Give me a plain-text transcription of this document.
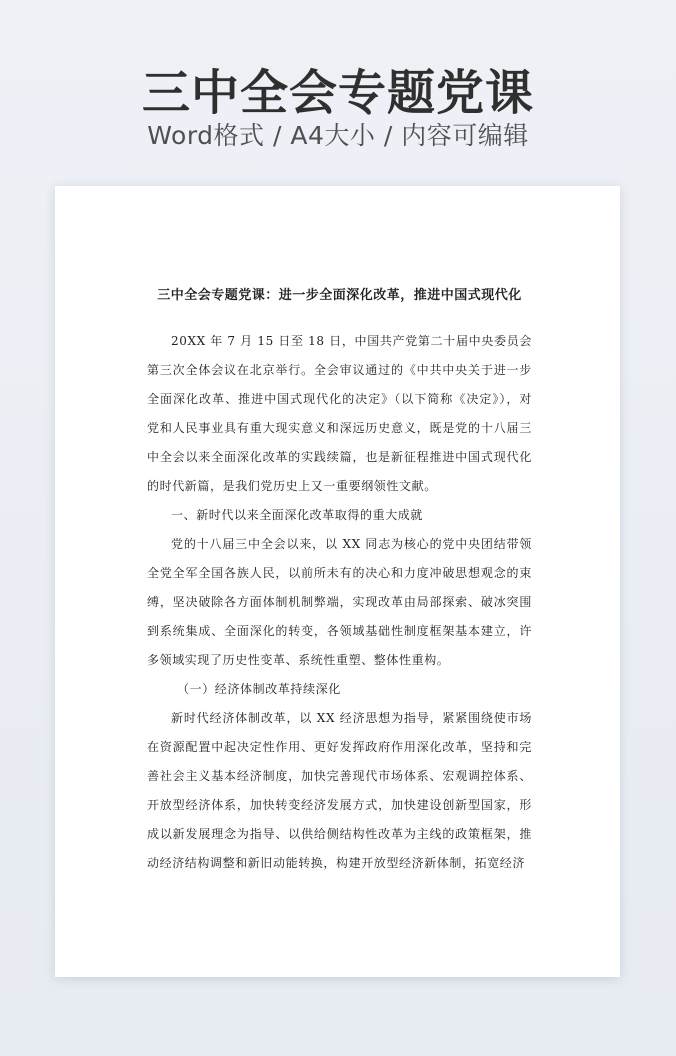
三中全会专题党课
Word格式 / A4大小 / 内容可编辑
三中全会专题党课：进一步全面深化改革，推进中国式现代化

20XX 年 7 月 15 日至 18 日，中国共产党第二十届中央委员会第三次全体会议在北京举行。全会审议通过的《中共中央关于进一步全面深化改革、推进中国式现代化的决定》（以下简称《决定》），对党和人民事业具有重大现实意义和深远历史意义，既是党的十八届三中全会以来全面深化改革的实践续篇，也是新征程推进中国式现代化的时代新篇，是我们党历史上又一重要纲领性文献。

一、新时代以来全面深化改革取得的重大成就

党的十八届三中全会以来，以 XX 同志为核心的党中央团结带领全党全军全国各族人民，以前所未有的决心和力度冲破思想观念的束缚，坚决破除各方面体制机制弊端，实现改革由局部探索、破冰突围到系统集成、全面深化的转变，各领域基础性制度框架基本建立，许多领域实现了历史性变革、系统性重塑、整体性重构。

（一）经济体制改革持续深化

新时代经济体制改革，以 XX 经济思想为指导，紧紧围绕使市场在资源配置中起决定性作用、更好发挥政府作用深化改革，坚持和完善社会主义基本经济制度，加快完善现代市场体系、宏观调控体系、开放型经济体系，加快转变经济发展方式，加快建设创新型国家，形成以新发展理念为指导、以供给侧结构性改革为主线的政策框架，推动经济结构调整和新旧动能转换，构建开放型经济新体制，拓宽经济
